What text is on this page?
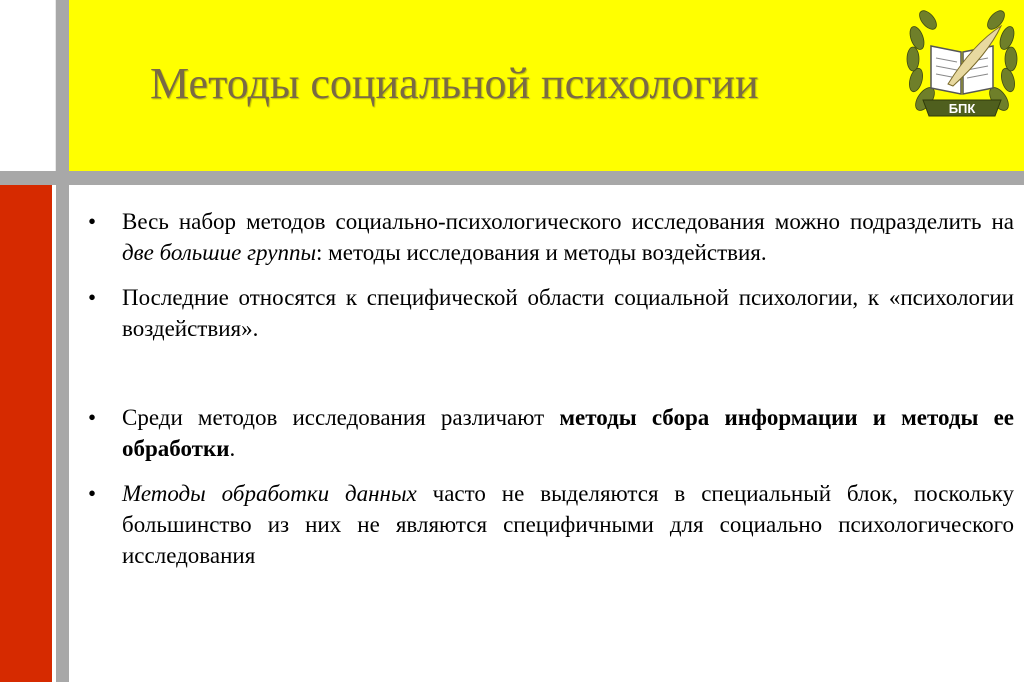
Методы социальной психологии
БПК
• Весь набор методов социально-психологического исследования можно подразделить на две большие группы: методы исследования и методы воздействия.
• Последние относятся к специфической области социальной психологии, к «психологии воздействия».
• Среди методов исследования различают методы сбора информации и методы ее обработки.
• Методы обработки данных часто не выделяются в специальный блок, поскольку большинство из них не являются специфичными для социально психологического исследования
